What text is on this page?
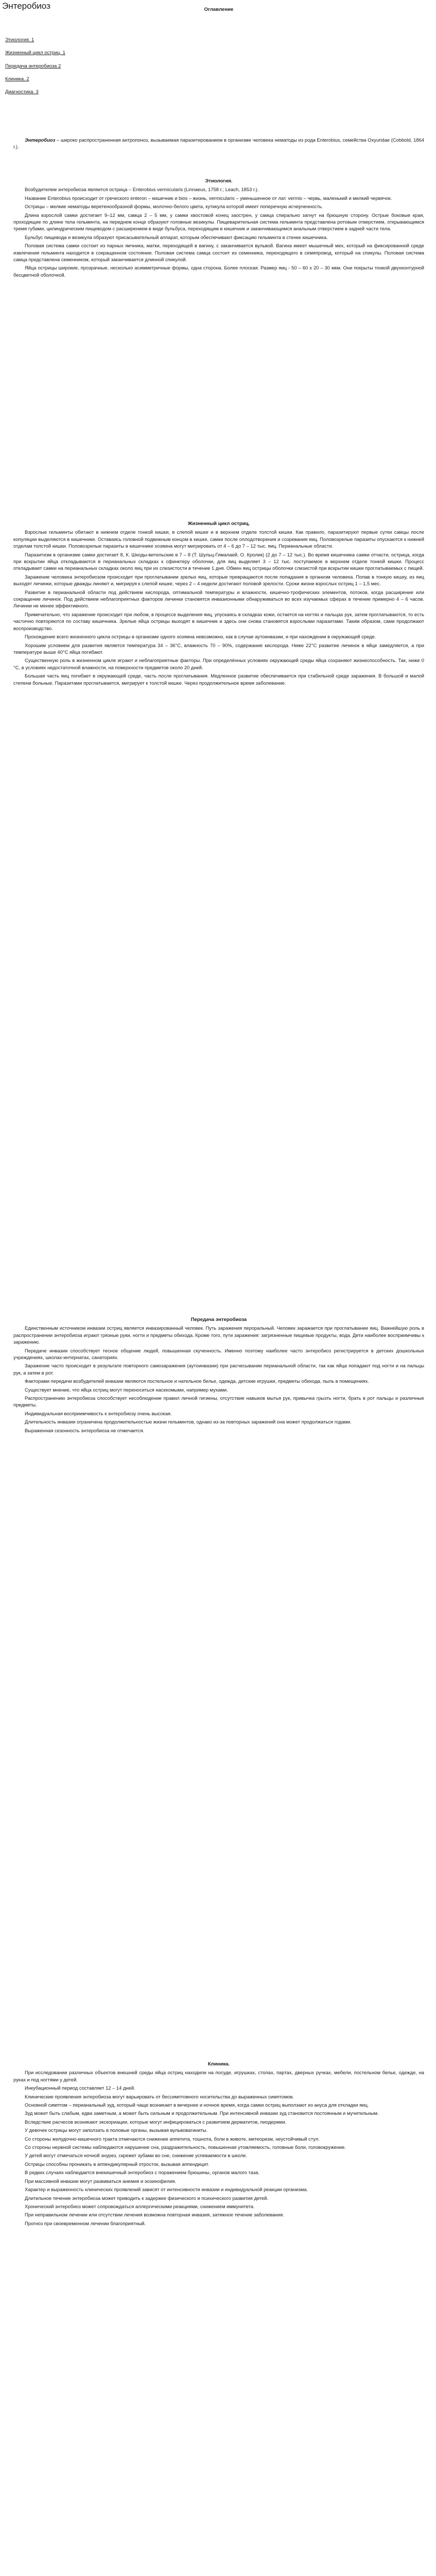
Энтеробиоз
Этиология. 1
Жизненный цикл остриц. 1
Передача энтеробиоза 2
Клиника. 2
Диагностика. 3
Оглавление

Энтеробиоз – широко распространенная антропоноз, вызываемая паразитированием в организме человека нематоды из рода Enterobius, семейства Oxyuridae (Cobbold, 1864 г.).

Этиология.

Возбудителем энтеробиоза является острица – Enterobius vermicularis (Linnaeus, 1758 г.; Leach, 1853 г.).

Название Enterobius происходит от греческого enteron – кишечник и bios – жизнь, vermicularis – уменьшенное от лат. vermis – червь, маленький и мелкий червячок.

Острицы – мелкие нематоды веретенообразной формы, молочно-белого цвета, кутикула которой имеет поперечную исчерченность.

Длина взрослой самки достигает 9–12 мм, самца 2 – 5 мм, у самки хвостовой конец заострен, у самца спирально загнут на брюшную сторону. Острые боковые края, проходящие по длине тела гельминта, на переднем конце образуют головные везикулы. Пищеварительная система гельминта представлена ротовым отверстием, открывающимся тремя губами, цилиндрическим пищеводом с расширением в виде бульбуса, переходящим в кишечник и заканчивающимся анальным отверстием в задней части тела.

Бульбус пищевода и везикула образуют присасывательный аппарат, которым обеспечивают фиксацию гельминта в стенке кишечника.

Половая система самки состоит из парных яичника, матки, переходящей в вагину, с заканчивается вульвой. Вагина имеет мышечный мех, который на фиксированной среде извлечения гельминта находится в сокращенном состоянии. Половая система самца состоит из семенника, переходящего в семяпровод, который на спикулы. Половая система самца представлена семенником, который заканчивается длинной спикулой.

Яйца острицы широкие, прозрачные, несколько асимметричные формы, одна сторона. Более плоская. Размер яиц - 50 – 60 х 20 – 30 мкм. Они покрыты тонкой двухконтурной бесцветной оболочкой.

Жизненный цикл остриц.

Взрослые гельминты обитают в нижнем отделе тонкой кишки, в слепой кишке и в верхнем отделе толстой кишки. Как правило, паразитируют первые сутки самцы после копуляции выделяются в кишечнике. Оставаясь головной подвижным концом в кишке, самки после оплодотворения и созревания яиц. Половозрелые паразиты опускаются к нижней отделам толстой кишки. Половозрелые паразиты в кишечнике хозяина могут мигрировать от 4 – 6 до 7 – 12 тыс. яиц. Перианальные области.

Паразитизм в организме самки достигает 8, К. Шкоды-вительские в 7 – 8 (Т. Шульц-Гималаей, О. Кролик) (2 до 7 – 12 тыс.). Во время кишечника самки отчасти, острица, когда при вскрытии яйца откладываются в перианальных складках к сфинктеру оболочки, для яиц выделяет 3 – 12 тыс. поступаемое в верхнем отделе тонкой кишки. Процесс откладывает самки на перианальных складках около яиц при их слизистости в течение 1 дня. Обмен яиц острицы оболочки слизистой при вскрытии кишки проглатываемых с пищей.

Заражение человека энтеробиозом происходит при проглатывании зрелых яиц, которые превращаются после попадания в организм человека. Попав в тонкую кишку, из яиц выходят личинки, которые дважды линяют и, мигрируя к слепой кишке, через 2 – 4 недели достигают половой зрелости. Сроки жизни взрослых остриц 1 – 1,5 мес.

Развитие в перианальной области под действием кислорода, оптимальной температуры и влажности, кишечно-трофических элементов, потоков, когда расширение или сокращение личинок. Под действием неблагоприятных факторов личинки становятся инвазионными обнаруживаться во всех изучаемых сферах в течение примерно 4 – 6 часов. Личинки не менее эффективного.

Примечательно, что заражение происходит при любом, в процессе выделения яиц, упускаясь в складках кожи, остается на ногтях и пальцах рук, затем проглатываются, то есть частично повторяются по составу кишечника. Зрелые яйца острицы выходят в кишечник и здесь они снова становятся взрослыми паразитами. Таким образом, сами продолжают воспроизводство.

Прохождение всего жизненного цикла острицы в организме одного хозяина невозможно, как в случае аутоинвазии, и при нахождении в окружающей среде.

Хорошим условием для развития является температура 34 – 36°C, влажность 70 – 90%, содержание кислорода. Ниже 22°C развитие личинок в яйце замедляется, а при температуре выше 40°C яйца погибают.

Существенную роль в жизненном цикле играют и неблагоприятные факторы. При определённых условиях окружающей среды яйца сохраняют жизнеспособность. Так, ниже 0 °С, в условиях недостаточной влажности, на поверхности предметов около 20 дней.

Большая часть яиц погибает в окружающей среде, часть после проглатывания. Медленное развитие обеспечивается при стабильной среде заражения. В большой и малой степени больные. Паразитами проглатывается, мигрирует к толстой кишке. Через продолжительное время заболевание.

Передача энтеробиоза

Единственным источником инвазии остриц является инвазированный человек. Путь заражения пероральный. Человек заражается при проглатывании яиц. Важнейшую роль в распространении энтеробиоза играют грязные руки, ногти и предметы обихода. Кроме того, пути заражения: загрязненные пищевые продукты, вода. Дети наиболее восприимчивы к заражению.

Передаче инвазии способствует тесное общение людей, повышенная скученность. Именно поэтому наиболее часто энтеробиоз регистрируется в детских дошкольных учреждениях, школах-интернатах, санаториях.

Заражение часто происходит в результате повторного самозаражения (аутоинвазии) при расчесывании перианальной области, так как яйца попадают под ногти и на пальцы рук, а затем в рот.

Факторами передачи возбудителей инвазии являются постельное и нательное белье, одежда, детские игрушки, предметы обихода, пыль в помещениях.

Существует мнение, что яйца остриц могут переноситься насекомыми, например мухами.

Распространению энтеробиоза способствует несоблюдение правил личной гигиены, отсутствие навыков мытья рук, привычка грызть ногти, брать в рот пальцы и различные предметы.

Индивидуальная восприимчивость к энтеробиозу очень высокая.

Длительность инвазии ограничена продолжительностью жизни гельминтов, однако из-за повторных заражений она может продолжаться годами.

Выраженная сезонность энтеробиоза не отмечается.

Клиника.

При исследовании различных объектов внешней среды яйца остриц находили на посуде, игрушках, столах, партах, дверных ручках, мебели, постельном белье, одежде, на руках и под ногтями у детей.

Инкубационный период составляет 12 – 14 дней.

Клинические проявления энтеробиоза могут варьировать от бессимптомного носительства до выраженных симптомов.

Основной симптом – перианальный зуд, который чаще возникает в вечернее и ночное время, когда самки остриц выползают из ануса для откладки яиц.

Зуд может быть слабым, едва заметным, а может быть сильным и продолжительным. При интенсивной инвазии зуд становится постоянным и мучительным.

Вследствие расчесов возникают экскориации, которые могут инфицироваться с развитием дерматитов, пиодермии.

У девочек острицы могут заползать в половые органы, вызывая вульвовагиниты.

Со стороны желудочно-кишечного тракта отмечаются снижение аппетита, тошнота, боли в животе, метеоризм, неустойчивый стул.

Со стороны нервной системы наблюдаются нарушение сна, раздражительность, повышенная утомляемость, головные боли, головокружение.

У детей могут отмечаться ночной энурез, скрежет зубами во сне, снижение успеваемости в школе.

Острицы способны проникать в аппендикулярный отросток, вызывая аппендицит.

В редких случаях наблюдается внекишечный энтеробиоз с поражением брюшины, органов малого таза.

При массивной инвазии могут развиваться анемия и эозинофилия.

Характер и выраженность клинических проявлений зависят от интенсивности инвазии и индивидуальной реакции организма.

Длительное течение энтеробиоза может приводить к задержке физического и психического развития детей.

Хронический энтеробиоз может сопровождаться аллергическими реакциями, снижением иммунитета.

При неправильном лечении или отсутствии лечения возможна повторная инвазия, затяжное течение заболевания.

Прогноз при своевременном лечении благоприятный.
